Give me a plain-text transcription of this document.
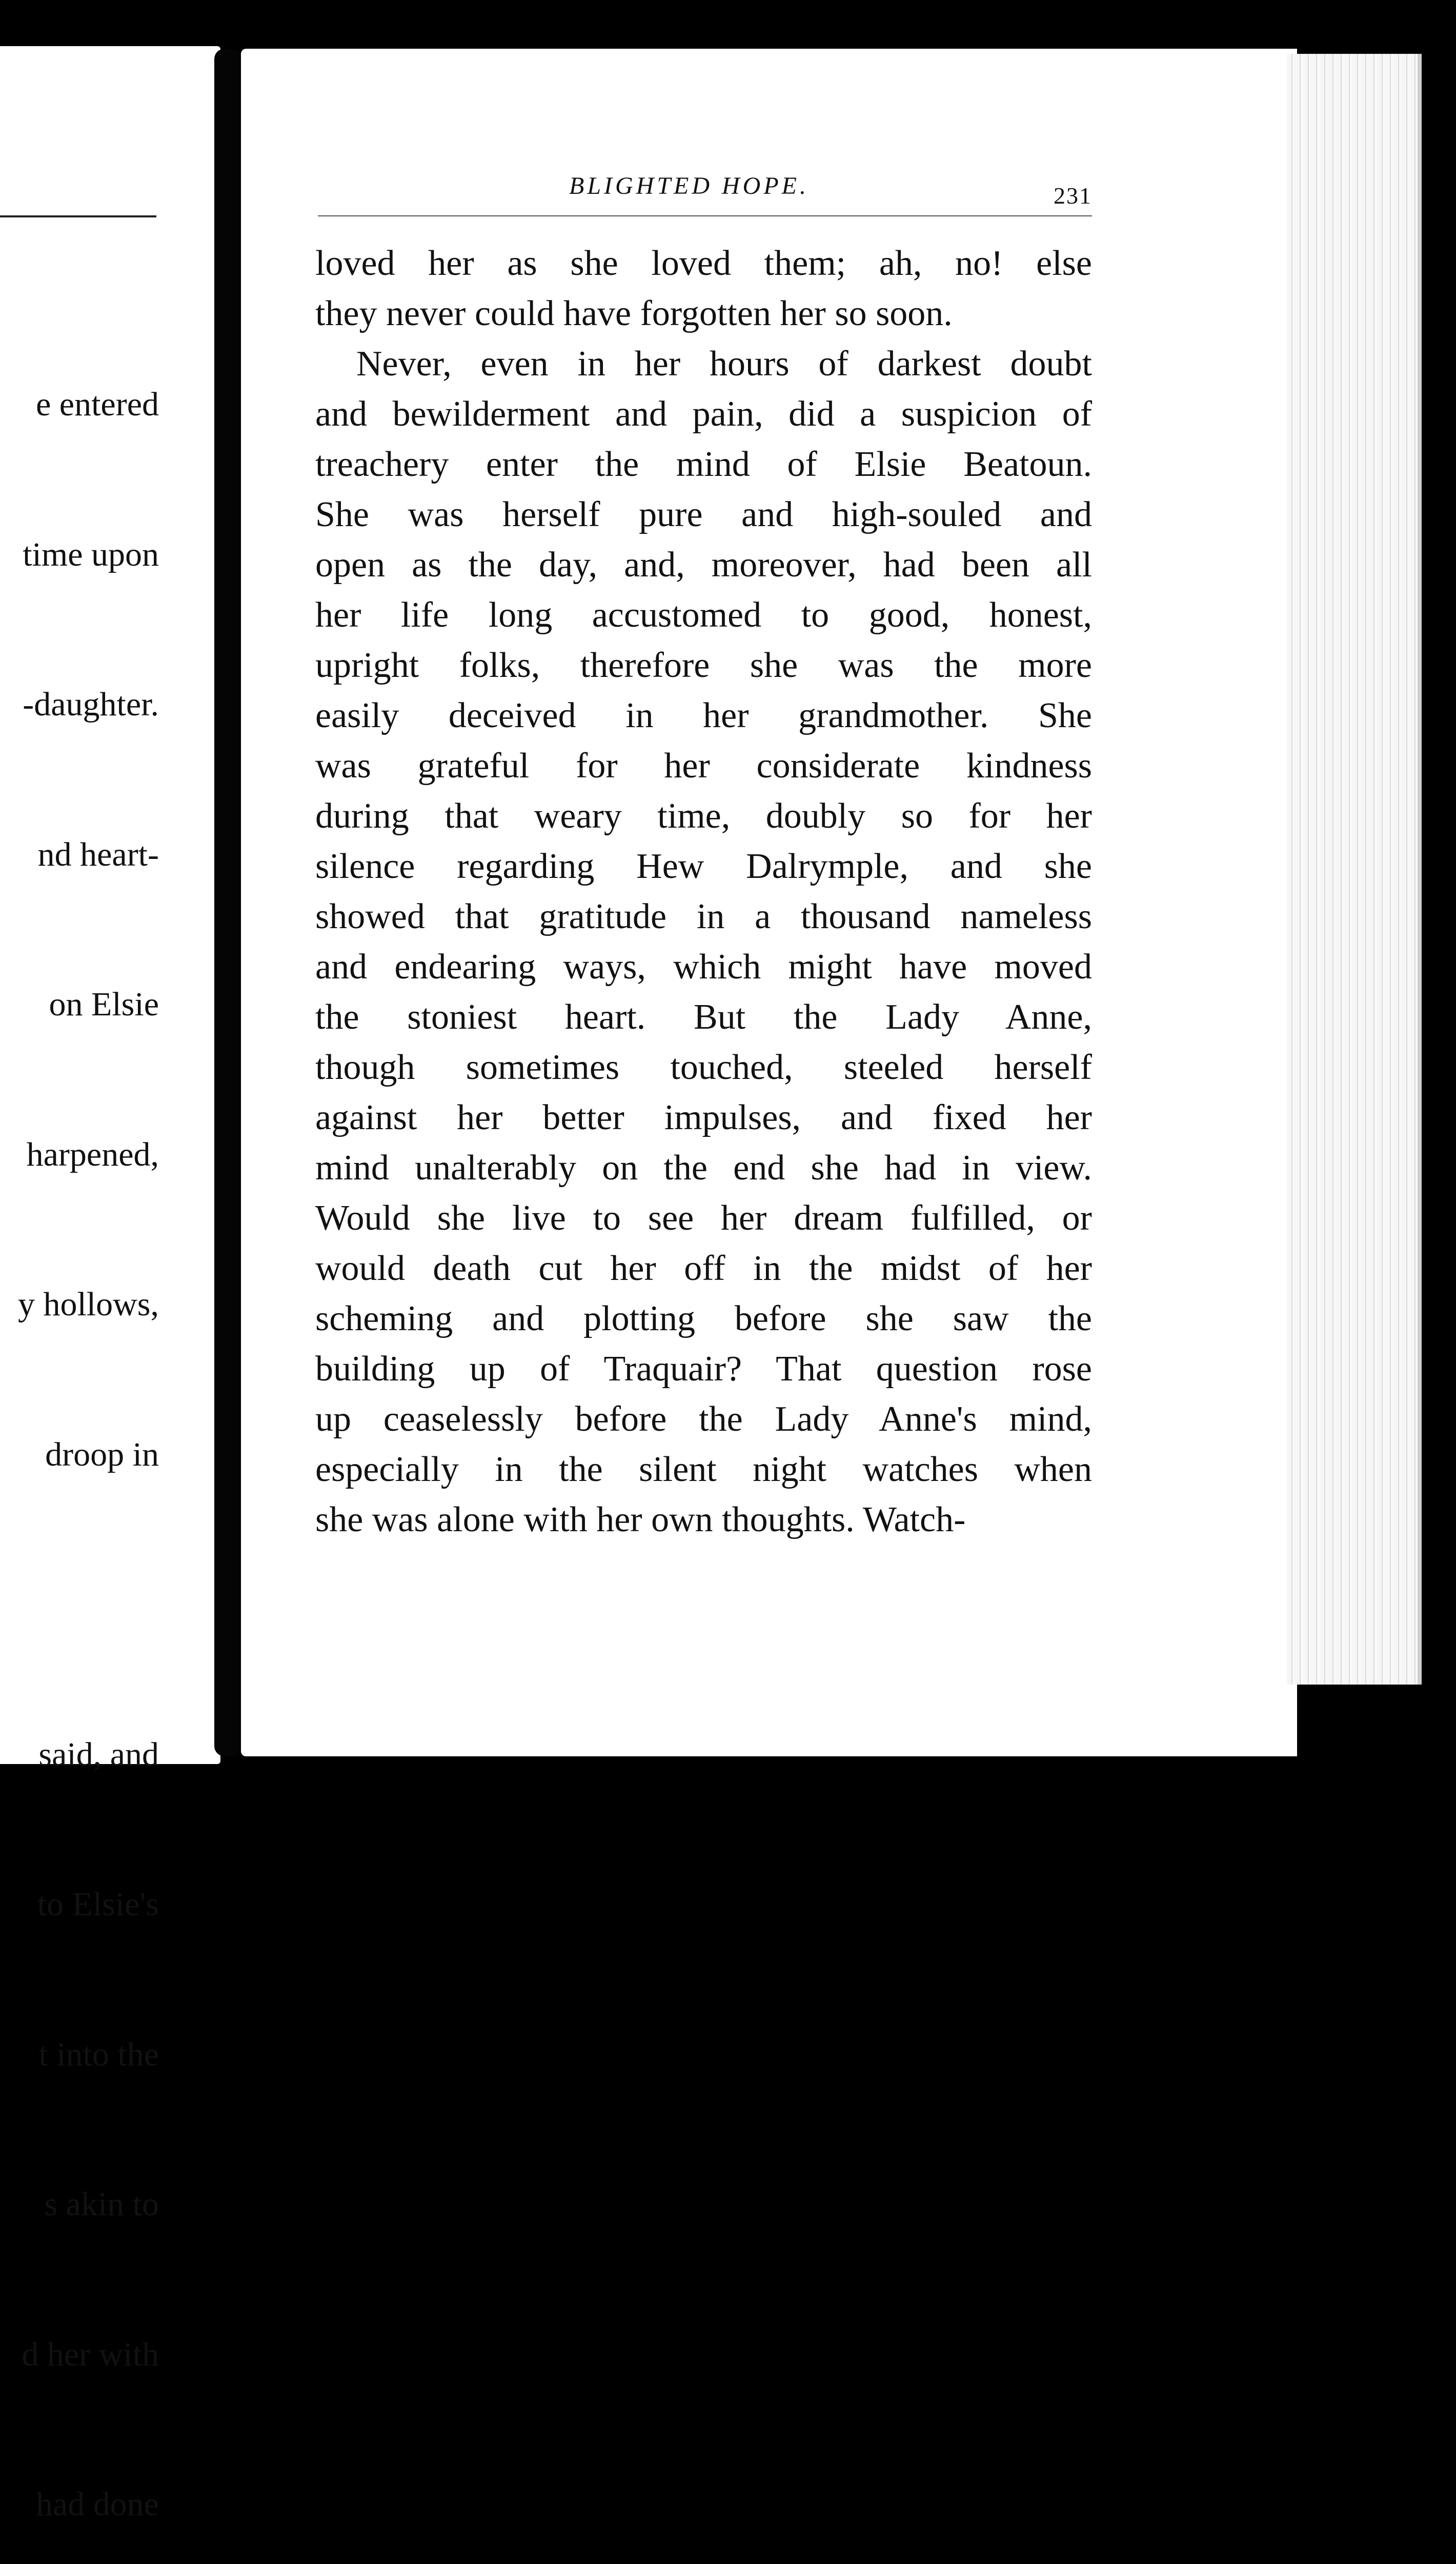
e entered

time upon

-daughter.

nd heart-

on Elsie

harpened,

y hollows,

droop in

said, and

to Elsie's

t into the

s akin to

d her with

had done

BLIGHTED HOPE.	231
loved her as she loved them; ah, no! else
they never could have forgotten her so soon.
Never, even in her hours of darkest doubt
and bewilderment and pain, did a suspicion of
treachery enter the mind of Elsie Beatoun.
She was herself pure and high-souled and
open as the day, and, moreover, had been all
her life long accustomed to good, honest,
upright folks, therefore she was the more
easily deceived in her grandmother. She
was grateful for her considerate kindness
during that weary time, doubly so for her
silence regarding Hew Dalrymple, and she
showed that gratitude in a thousand nameless
and endearing ways, which might have moved
the stoniest heart. But the Lady Anne,
though sometimes touched, steeled herself
against her better impulses, and fixed her
mind unalterably on the end she had in view.
Would she live to see her dream fulfilled, or
would death cut her off in the midst of her
scheming and plotting before she saw the
building up of Traquair? That question rose
up ceaselessly before the Lady Anne's mind,
especially in the silent night watches when
she was alone with her own thoughts. Watch-
